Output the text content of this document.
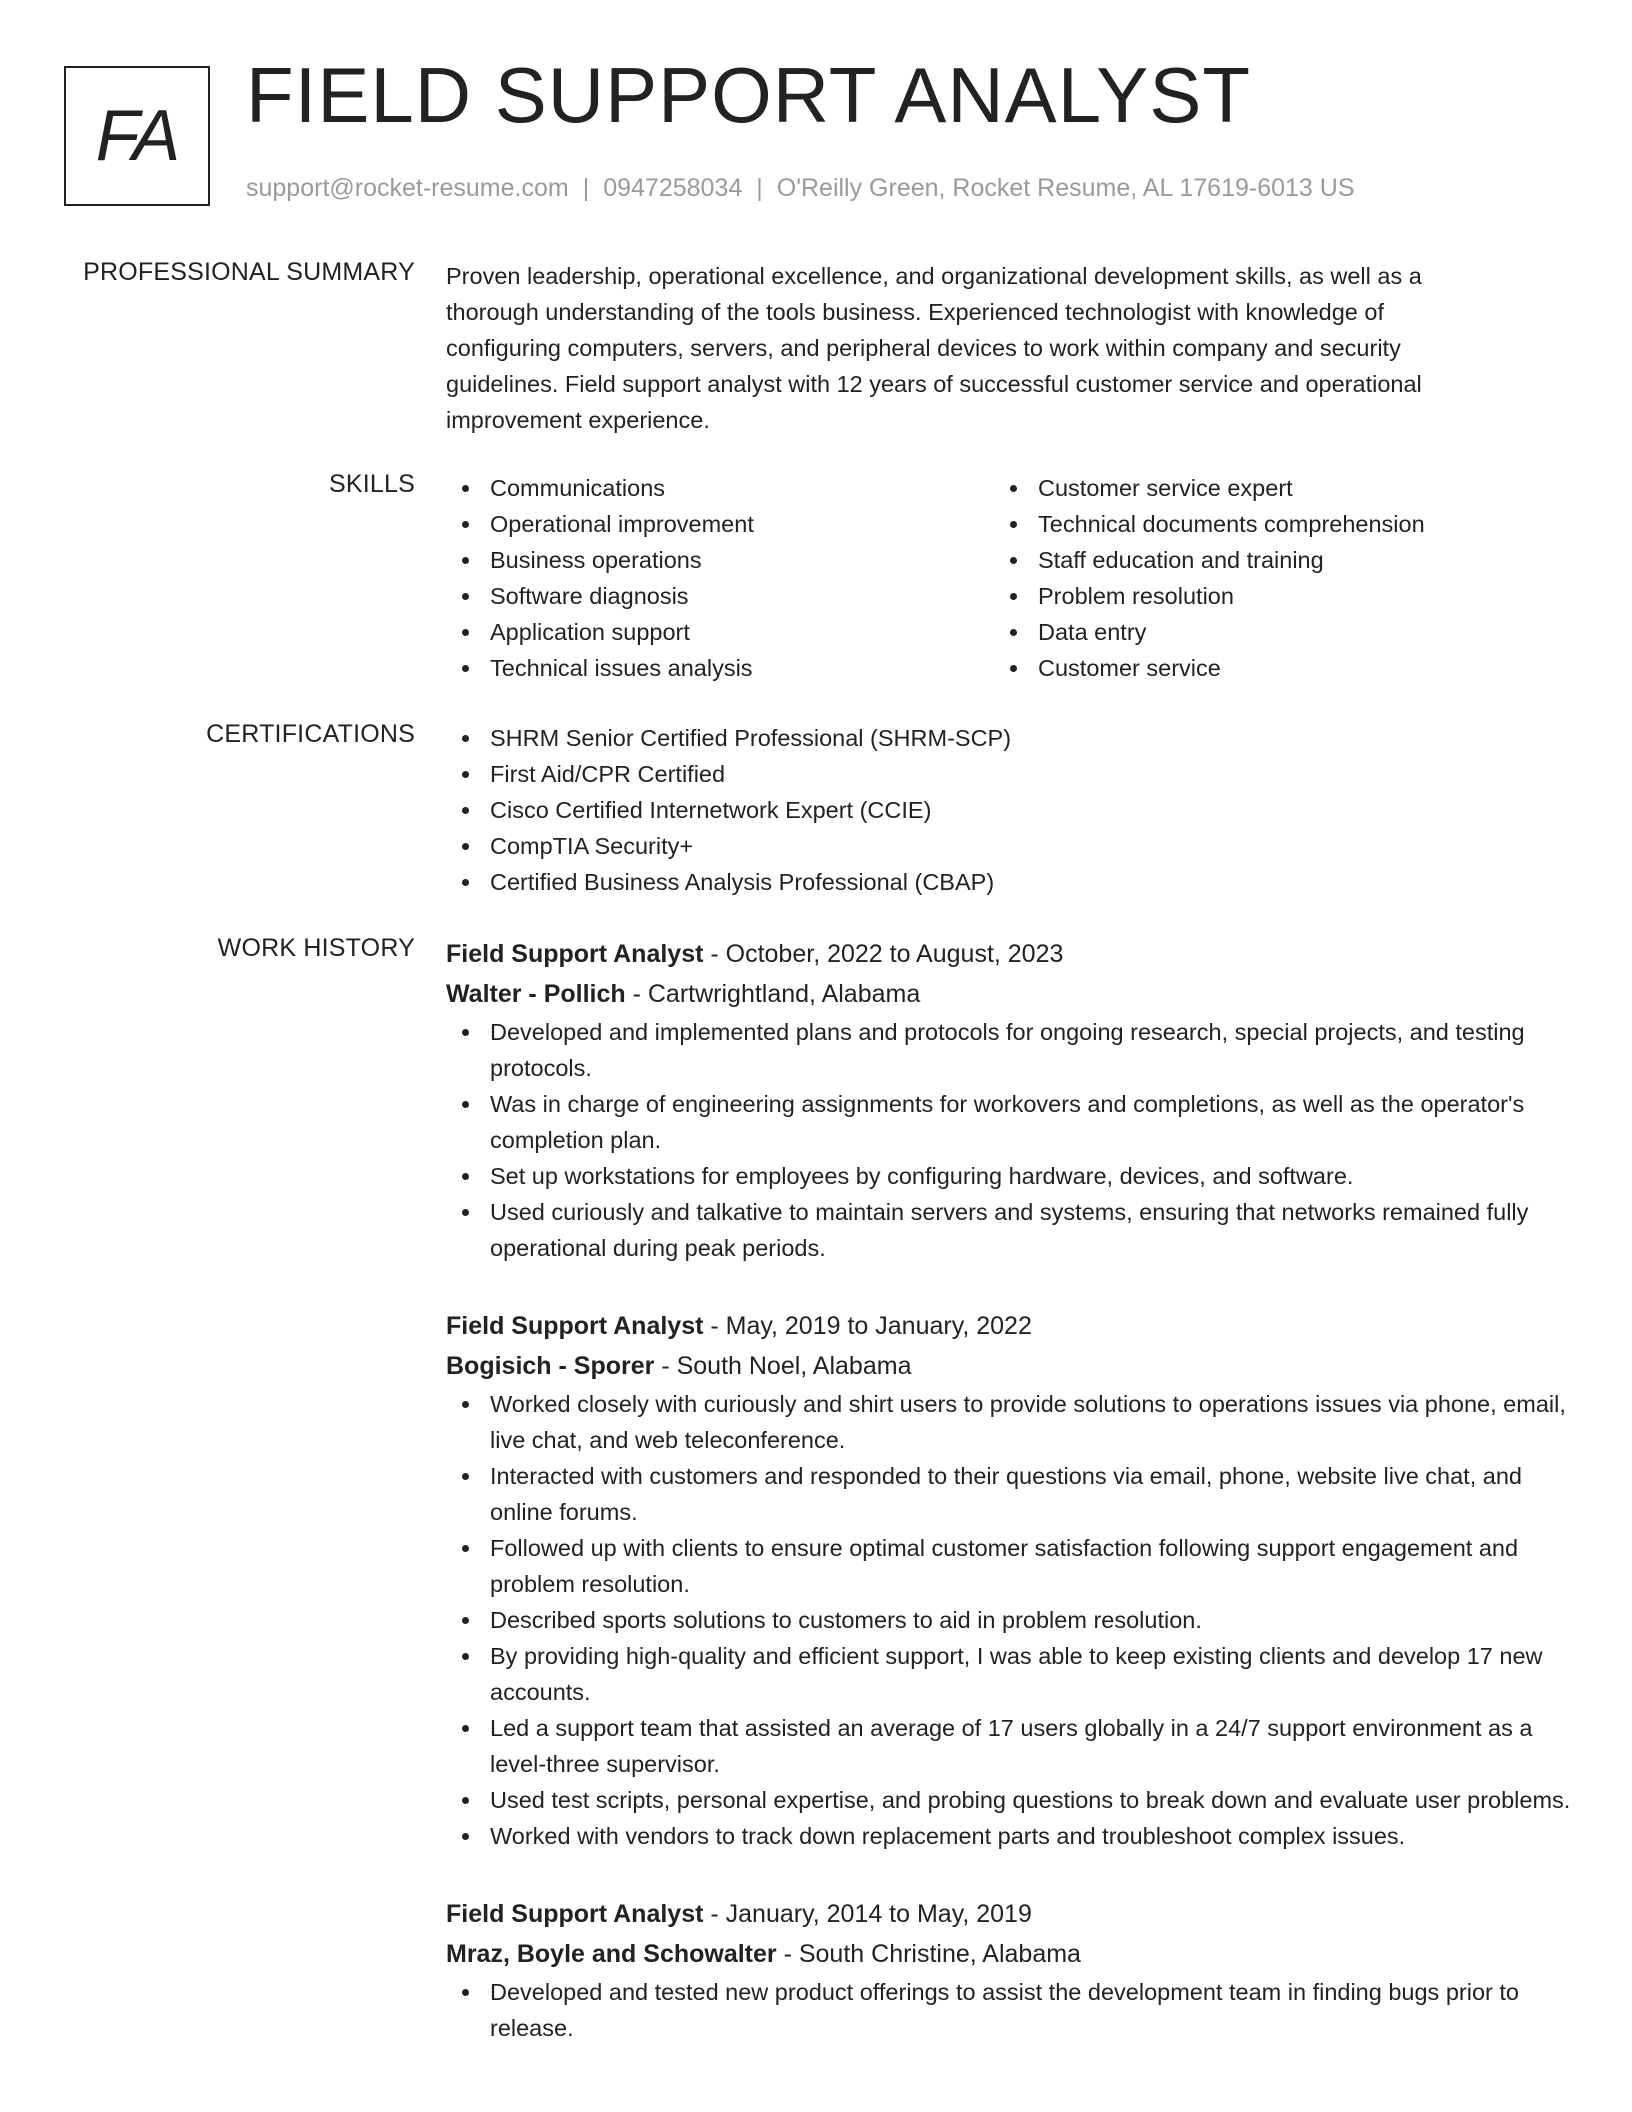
FA FIELD SUPPORT ANALYST
support@rocket-resume.com | 0947258034 | O'Reilly Green, Rocket Resume, AL 17619-6013 US
PROFESSIONAL SUMMARY Proven leadership, operational excellence, and organizational development skills, as well as a thorough understanding of the tools business. Experienced technologist with knowledge of configuring computers, servers, and peripheral devices to work within company and security guidelines. Field support analyst with 12 years of successful customer service and operational improvement experience.

SKILLS	Communications
Operational improvement
Business operations
Software diagnosis
Application support
Technical issues analysis
Customer service expert
Technical documents comprehension
Staff education and training
Problem resolution
Data entry
Customer service
CERTIFICATIONS	SHRM Senior Certified Professional (SHRM-SCP)
First Aid/CPR Certified
Cisco Certified Internetwork Expert (CCIE)
CompTIA Security+
Certified Business Analysis Professional (CBAP)
WORK HISTORY Field Support Analyst - October, 2022 to August, 2023
Walter - Pollich - Cartwrightland, Alabama
Developed and implemented plans and protocols for ongoing research, special projects, and testing protocols.
Was in charge of engineering assignments for workovers and completions, as well as the operator's completion plan.
Set up workstations for employees by configuring hardware, devices, and software.
Used curiously and talkative to maintain servers and systems, ensuring that networks remained fully operational during peak periods.
Field Support Analyst - May, 2019 to January, 2022
Bogisich - Sporer - South Noel, Alabama
Worked closely with curiously and shirt users to provide solutions to operations issues via phone, email, live chat, and web teleconference.
Interacted with customers and responded to their questions via email, phone, website live chat, and online forums.
Followed up with clients to ensure optimal customer satisfaction following support engagement and problem resolution.
Described sports solutions to customers to aid in problem resolution.
By providing high-quality and efficient support, I was able to keep existing clients and develop 17 new accounts.
Led a support team that assisted an average of 17 users globally in a 24/7 support environment as a level-three supervisor.
Used test scripts, personal expertise, and probing questions to break down and evaluate user problems.
Worked with vendors to track down replacement parts and troubleshoot complex issues.
Field Support Analyst - January, 2014 to May, 2019
Mraz, Boyle and Schowalter - South Christine, Alabama
Developed and tested new product offerings to assist the development team in finding bugs prior to release.
